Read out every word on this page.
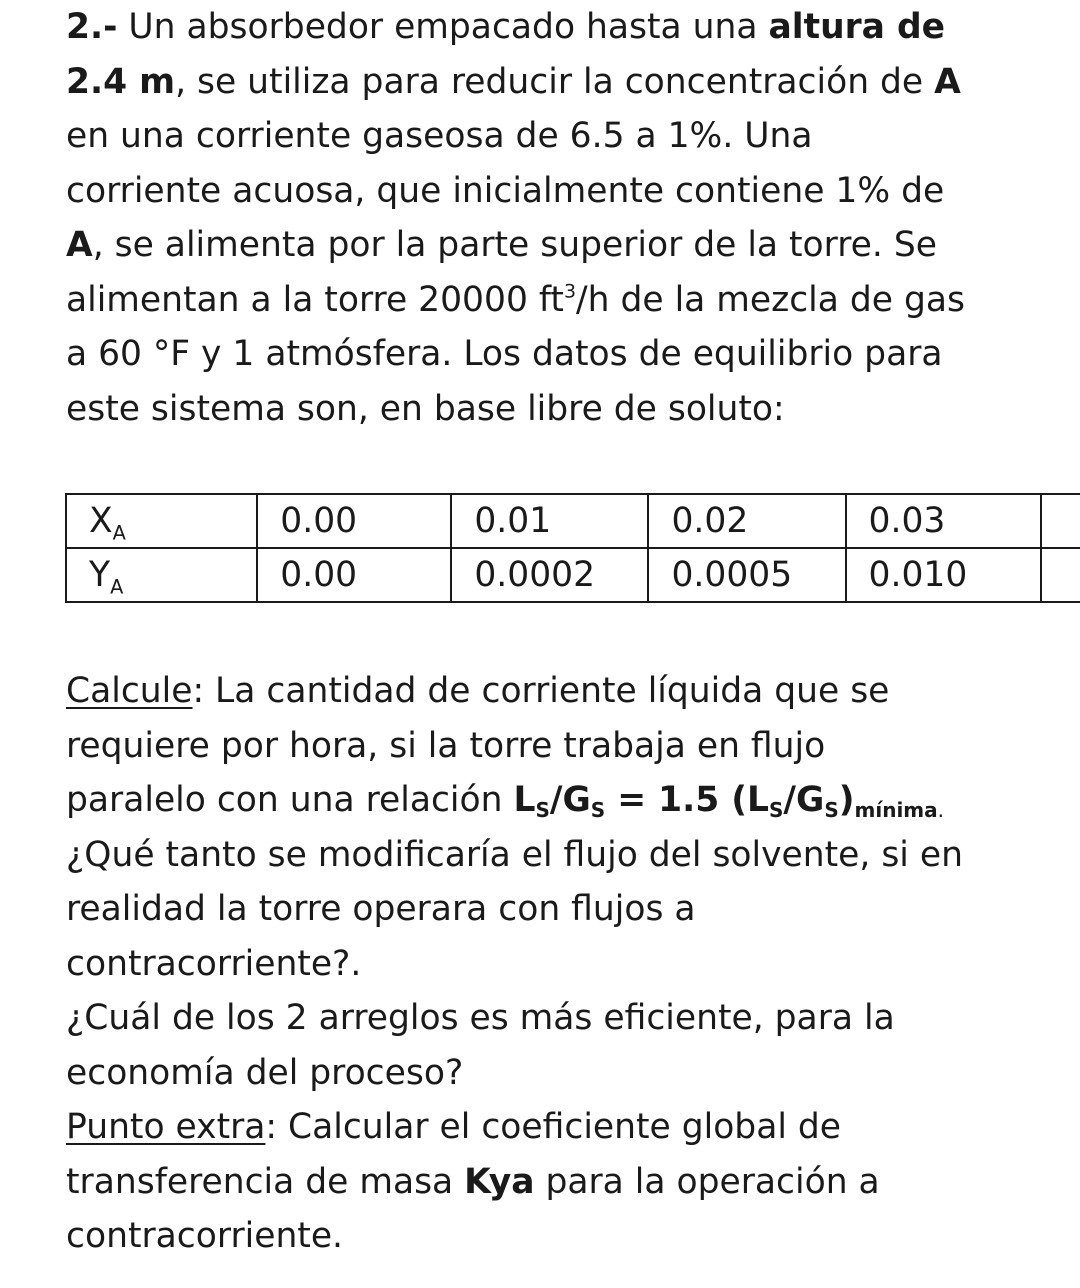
2.- Un absorbedor empacado hasta una altura de
2.4 m, se utiliza para reducir la concentración de A
en una corriente gaseosa de 6.5 a 1%. Una
corriente acuosa, que inicialmente contiene 1% de
A, se alimenta por la parte superior de la torre. Se
alimentan a la torre 20000 $ft^3/h$ de la mezcla de gas
a 60 °F y 1 atmósfera. Los datos de equilibrio para
este sistema son, en base libre de soluto:
$X_A$	0.00	0.01	0.02	0.03	
$Y_A$	0.00	0.0002	0.0005	0.010	
Calcule: La cantidad de corriente líquida que se
requiere por hora, si la torre trabaja en flujo
paralelo con una relación LS/GS = 1.5 (LS/GS)mínima.
¿Qué tanto se modificaría el flujo del solvente, si en
realidad la torre operara con flujos a
contracorriente?.
¿Cuál de los 2 arreglos es más eficiente, para la
economía del proceso?
Punto extra: Calcular el coeficiente global de
transferencia de masa Kya para la operación a
contracorriente.
